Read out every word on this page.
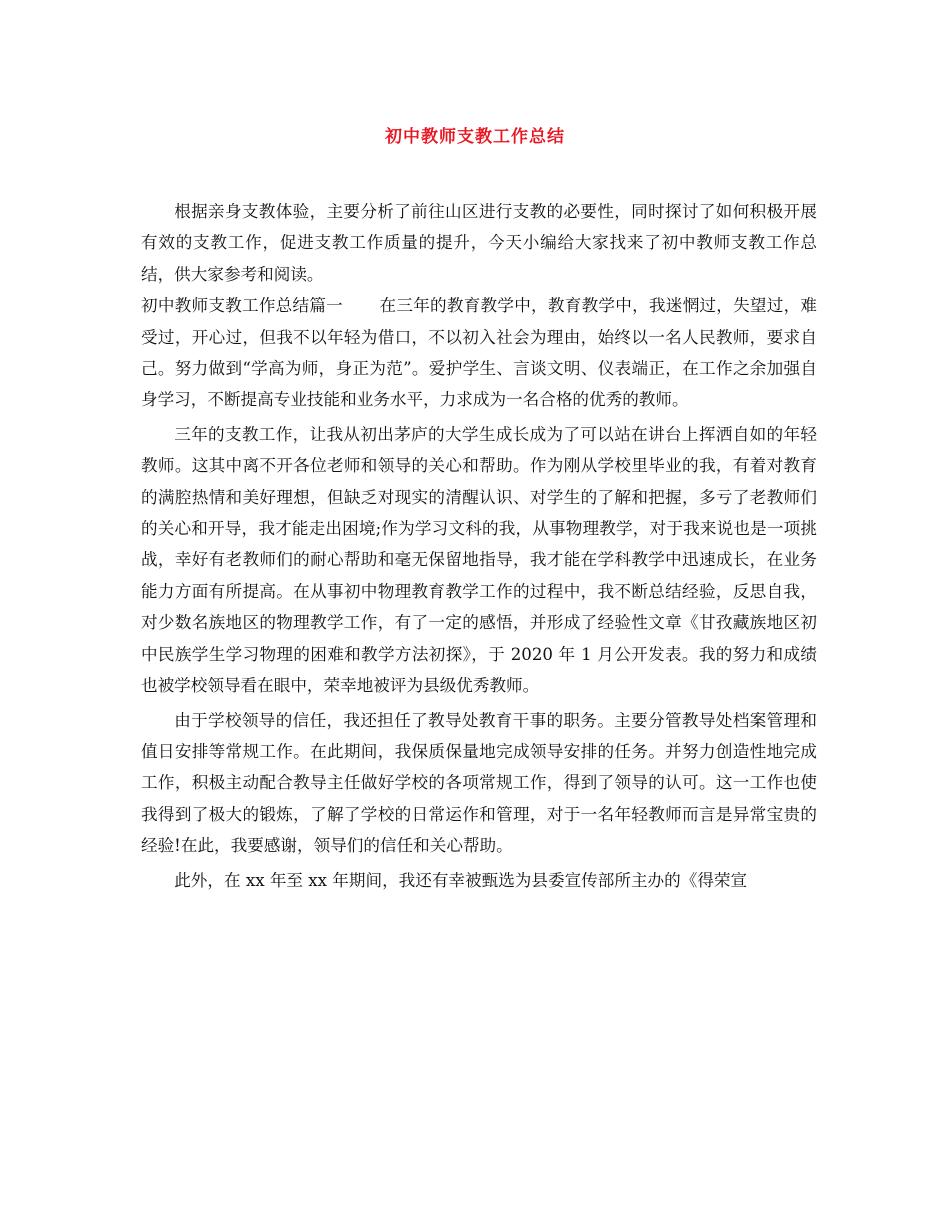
初中教师支教工作总结

根据亲身支教体验，主要分析了前往山区进行支教的必要性，同时探讨了如何积极开展有效的支教工作，促进支教工作质量的提升，今天小编给大家找来了初中教师支教工作总结，供大家参考和阅读。

初中教师支教工作总结篇一 在三年的教育教学中，教育教学中，我迷惘过，失望过，难受过，开心过，但我不以年轻为借口，不以初入社会为理由，始终以一名人民教师，要求自己。努力做到“学高为师，身正为范”。爱护学生、言谈文明、仪表端正，在工作之余加强自身学习，不断提高专业技能和业务水平，力求成为一名合格的优秀的教师。

三年的支教工作，让我从初出茅庐的大学生成长成为了可以站在讲台上挥洒自如的年轻教师。这其中离不开各位老师和领导的关心和帮助。作为刚从学校里毕业的我，有着对教育的满腔热情和美好理想，但缺乏对现实的清醒认识、对学生的了解和把握，多亏了老教师们的关心和开导，我才能走出困境;作为学习文科的我，从事物理教学，对于我来说也是一项挑战，幸好有老教师们的耐心帮助和毫无保留地指导，我才能在学科教学中迅速成长，在业务能力方面有所提高。在从事初中物理教育教学工作的过程中，我不断总结经验，反思自我，对少数名族地区的物理教学工作，有了一定的感悟，并形成了经验性文章《甘孜藏族地区初中民族学生学习物理的困难和教学方法初探》，于 2020 年 1 月公开发表。我的努力和成绩也被学校领导看在眼中，荣幸地被评为县级优秀教师。

由于学校领导的信任，我还担任了教导处教育干事的职务。主要分管教导处档案管理和值日安排等常规工作。在此期间，我保质保量地完成领导安排的任务。并努力创造性地完成工作，积极主动配合教导主任做好学校的各项常规工作，得到了领导的认可。这一工作也使我得到了极大的锻炼，了解了学校的日常运作和管理，对于一名年轻教师而言是异常宝贵的经验!在此，我要感谢，领导们的信任和关心帮助。

此外，在 xx 年至 xx 年期间，我还有幸被甄选为县委宣传部所主办的《得荣宣
